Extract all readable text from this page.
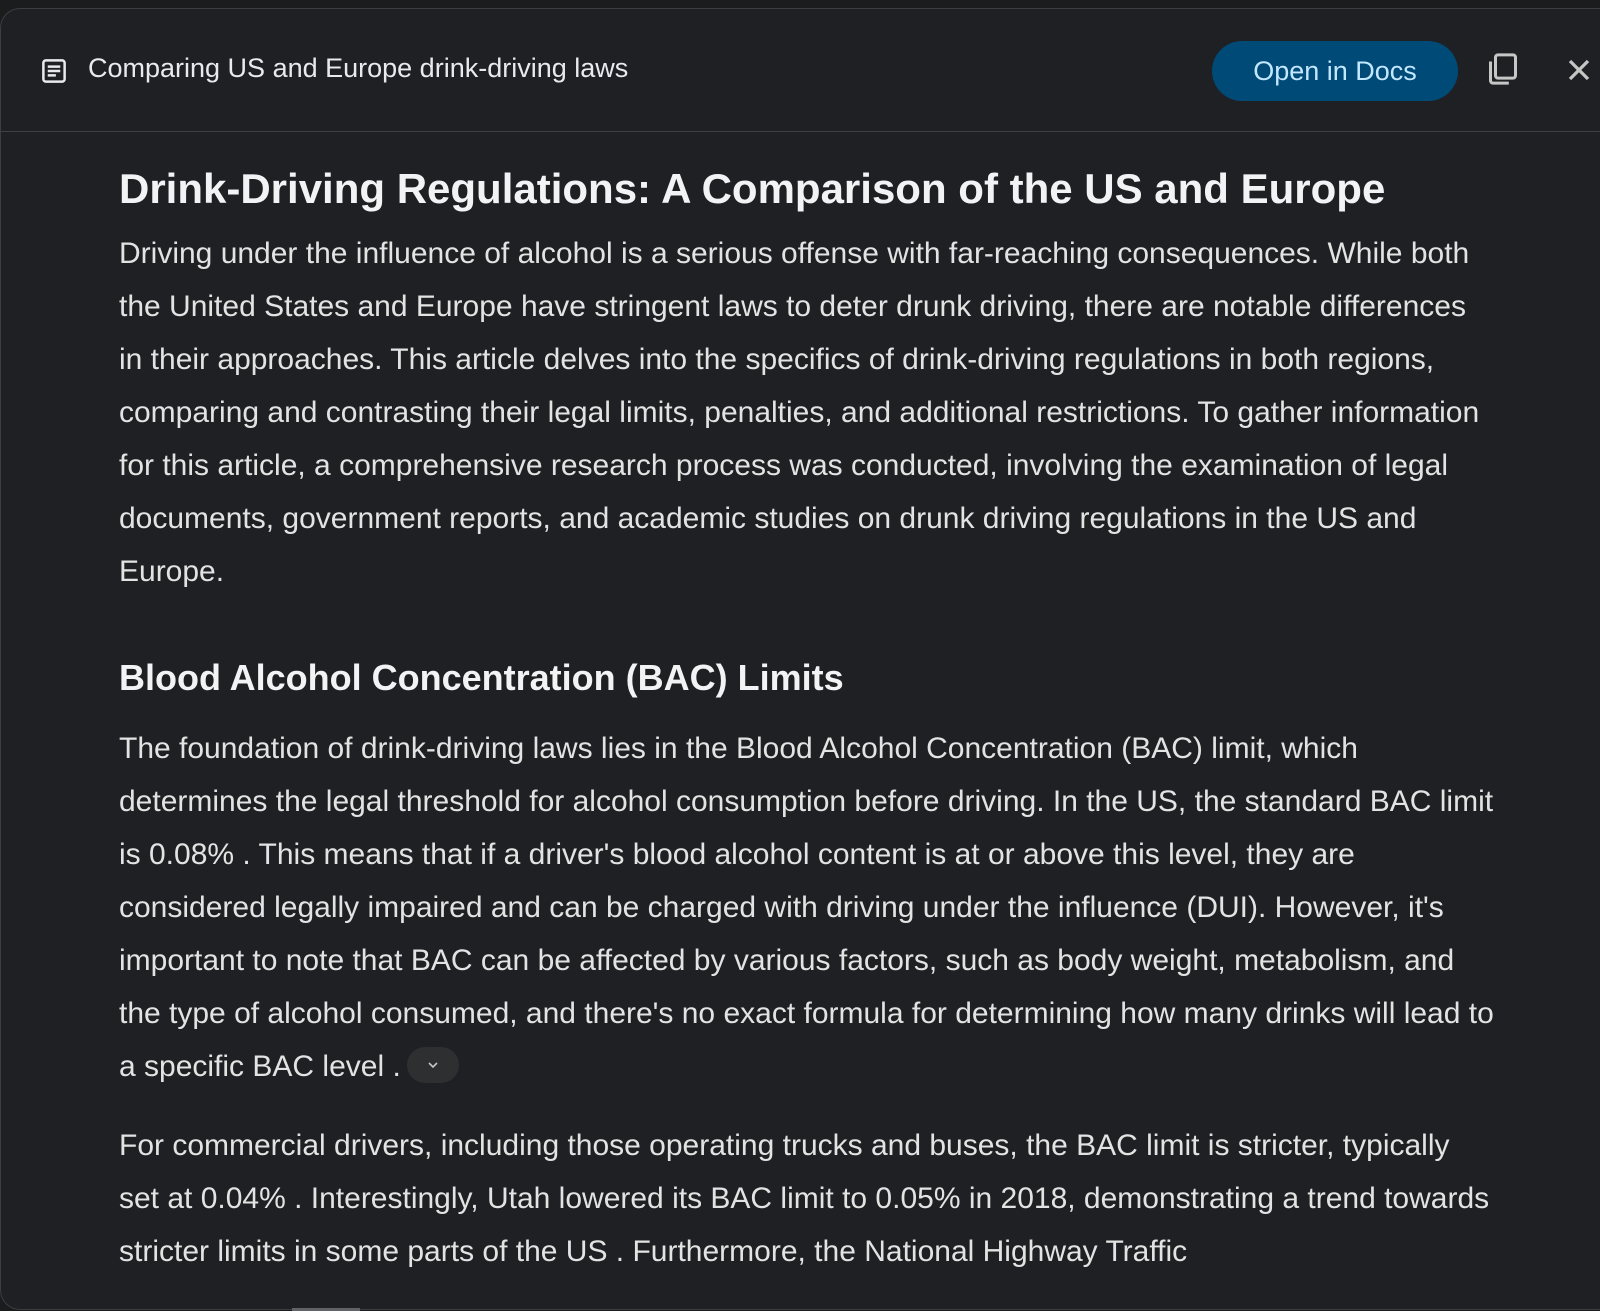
Comparing US and Europe drink-driving laws	Open in Docs
Drink-Driving Regulations: A Comparison of the US and Europe

Driving under the influence of alcohol is a serious offense with far-reaching consequences. While both the United States and Europe have stringent laws to deter drunk driving, there are notable differences in their approaches. This article delves into the specifics of drink-driving regulations in both regions, comparing and contrasting their legal limits, penalties, and additional restrictions. To gather information for this article, a comprehensive research process was conducted, involving the examination of legal documents, government reports, and academic studies on drunk driving regulations in the US and Europe.

Blood Alcohol Concentration (BAC) Limits

The foundation of drink-driving laws lies in the Blood Alcohol Concentration (BAC) limit, which determines the legal threshold for alcohol consumption before driving. In the US, the standard BAC limit is 0.08% . This means that if a driver's blood alcohol content is at or above this level, they are considered legally impaired and can be charged with driving under the influence (DUI). However, it's important to note that BAC can be affected by various factors, such as body weight, metabolism, and the type of alcohol consumed, and there's no exact formula for determining how many drinks will lead to a specific BAC level .

For commercial drivers, including those operating trucks and buses, the BAC limit is stricter, typically set at 0.04% . Interestingly, Utah lowered its BAC limit to 0.05% in 2018, demonstrating a trend towards stricter limits in some parts of the US . Furthermore, the National Highway Traffic
